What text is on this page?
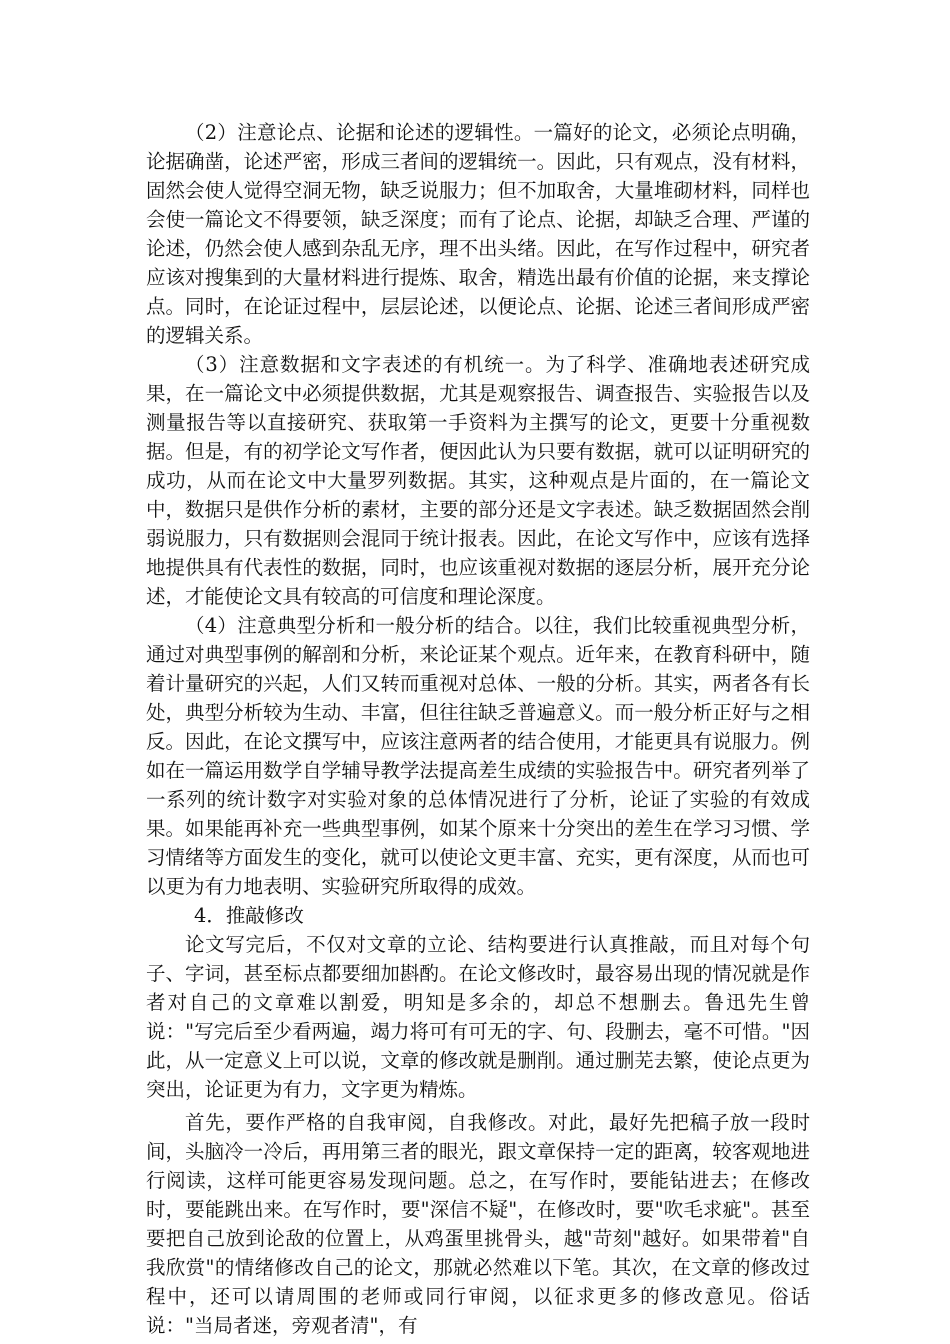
（2）注意论点、论据和论述的逻辑性。一篇好的论文，必须论点明确，论据确凿，论述严密，形成三者间的逻辑统一。因此，只有观点，没有材料，固然会使人觉得空洞无物，缺乏说服力；但不加取舍，大量堆砌材料，同样也会使一篇论文不得要领，缺乏深度；而有了论点、论据，却缺乏合理、严谨的论述，仍然会使人感到杂乱无序，理不出头绪。因此，在写作过程中，研究者应该对搜集到的大量材料进行提炼、取舍，精选出最有价值的论据，来支撑论点。同时，在论证过程中，层层论述，以便论点、论据、论述三者间形成严密的逻辑关系。

（3）注意数据和文字表述的有机统一。为了科学、准确地表述研究成果，在一篇论文中必须提供数据，尤其是观察报告、调查报告、实验报告以及测量报告等以直接研究、获取第一手资料为主撰写的论文，更要十分重视数据。但是，有的初学论文写作者，便因此认为只要有数据，就可以证明研究的成功，从而在论文中大量罗列数据。其实，这种观点是片面的，在一篇论文中，数据只是供作分析的素材，主要的部分还是文字表述。缺乏数据固然会削弱说服力，只有数据则会混同于统计报表。因此，在论文写作中，应该有选择地提供具有代表性的数据，同时，也应该重视对数据的逐层分析，展开充分论述，才能使论文具有较高的可信度和理论深度。

（4）注意典型分析和一般分析的结合。以往，我们比较重视典型分析，通过对典型事例的解剖和分析，来论证某个观点。近年来，在教育科研中，随着计量研究的兴起，人们又转而重视对总体、一般的分析。其实，两者各有长处，典型分析较为生动、丰富，但往往缺乏普遍意义。而一般分析正好与之相反。因此，在论文撰写中，应该注意两者的结合使用，才能更具有说服力。例如在一篇运用数学自学辅导教学法提高差生成绩的实验报告中。研究者列举了一系列的统计数字对实验对象的总体情况进行了分析，论证了实验的有效成果。如果能再补充一些典型事例，如某个原来十分突出的差生在学习习惯、学习情绪等方面发生的变化，就可以使论文更丰富、充实，更有深度，从而也可以更为有力地表明、实验研究所取得的成效。

4．推敲修改

论文写完后，不仅对文章的立论、结构要进行认真推敲，而且对每个句子、字词，甚至标点都要细加斟酌。在论文修改时，最容易出现的情况就是作者对自己的文章难以割爱，明知是多余的，却总不想删去。鲁迅先生曾说："写完后至少看两遍，竭力将可有可无的字、句、段删去，毫不可惜。"因此，从一定意义上可以说，文章的修改就是删削。通过删芜去繁，使论点更为突出，论证更为有力，文字更为精炼。

首先，要作严格的自我审阅，自我修改。对此，最好先把稿子放一段时间，头脑冷一冷后，再用第三者的眼光，跟文章保持一定的距离，较客观地进行阅读，这样可能更容易发现问题。总之，在写作时，要能钻进去；在修改时，要能跳出来。在写作时，要"深信不疑"，在修改时，要"吹毛求疵"。甚至要把自己放到论敌的位置上，从鸡蛋里挑骨头，越"苛刻"越好。如果带着"自我欣赏"的情绪修改自己的论文，那就必然难以下笔。其次，在文章的修改过程中，还可以请周围的老师或同行审阅，以征求更多的修改意见。俗话说："当局者迷，旁观者清"，有
